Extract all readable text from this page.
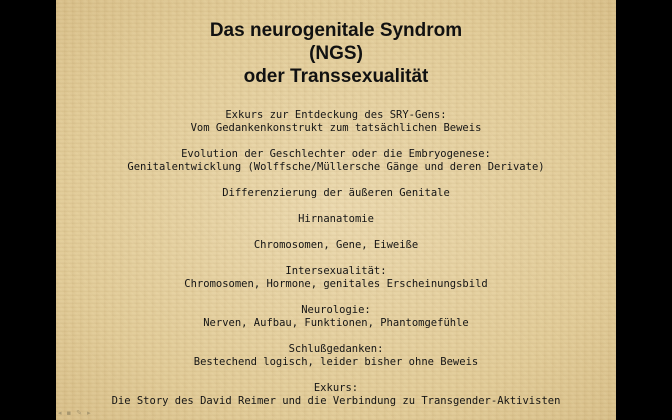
Das neurogenitale Syndrom
(NGS)
oder Transsexualität
Exkurs zur Entdeckung des SRY-Gens:
Vom Gedankenkonstrukt zum tatsächlichen Beweis
Evolution der Geschlechter oder die Embryogenese:
Genitalentwicklung (Wolffsche/Müllersche Gänge und deren Derivate)
Differenzierung der äußeren Genitale
Hirnanatomie
Chromosomen, Gene, Eiweiße
Intersexualität:
Chromosomen, Hormone, genitales Erscheinungsbild
Neurologie:
Nerven, Aufbau, Funktionen, Phantomgefühle
Schlußgedanken:
Bestechend logisch, leider bisher ohne Beweis
Exkurs:
Die Story des David Reimer und die Verbindung zu Transgender-Aktivisten
◂ ▪ ✎ ▸
